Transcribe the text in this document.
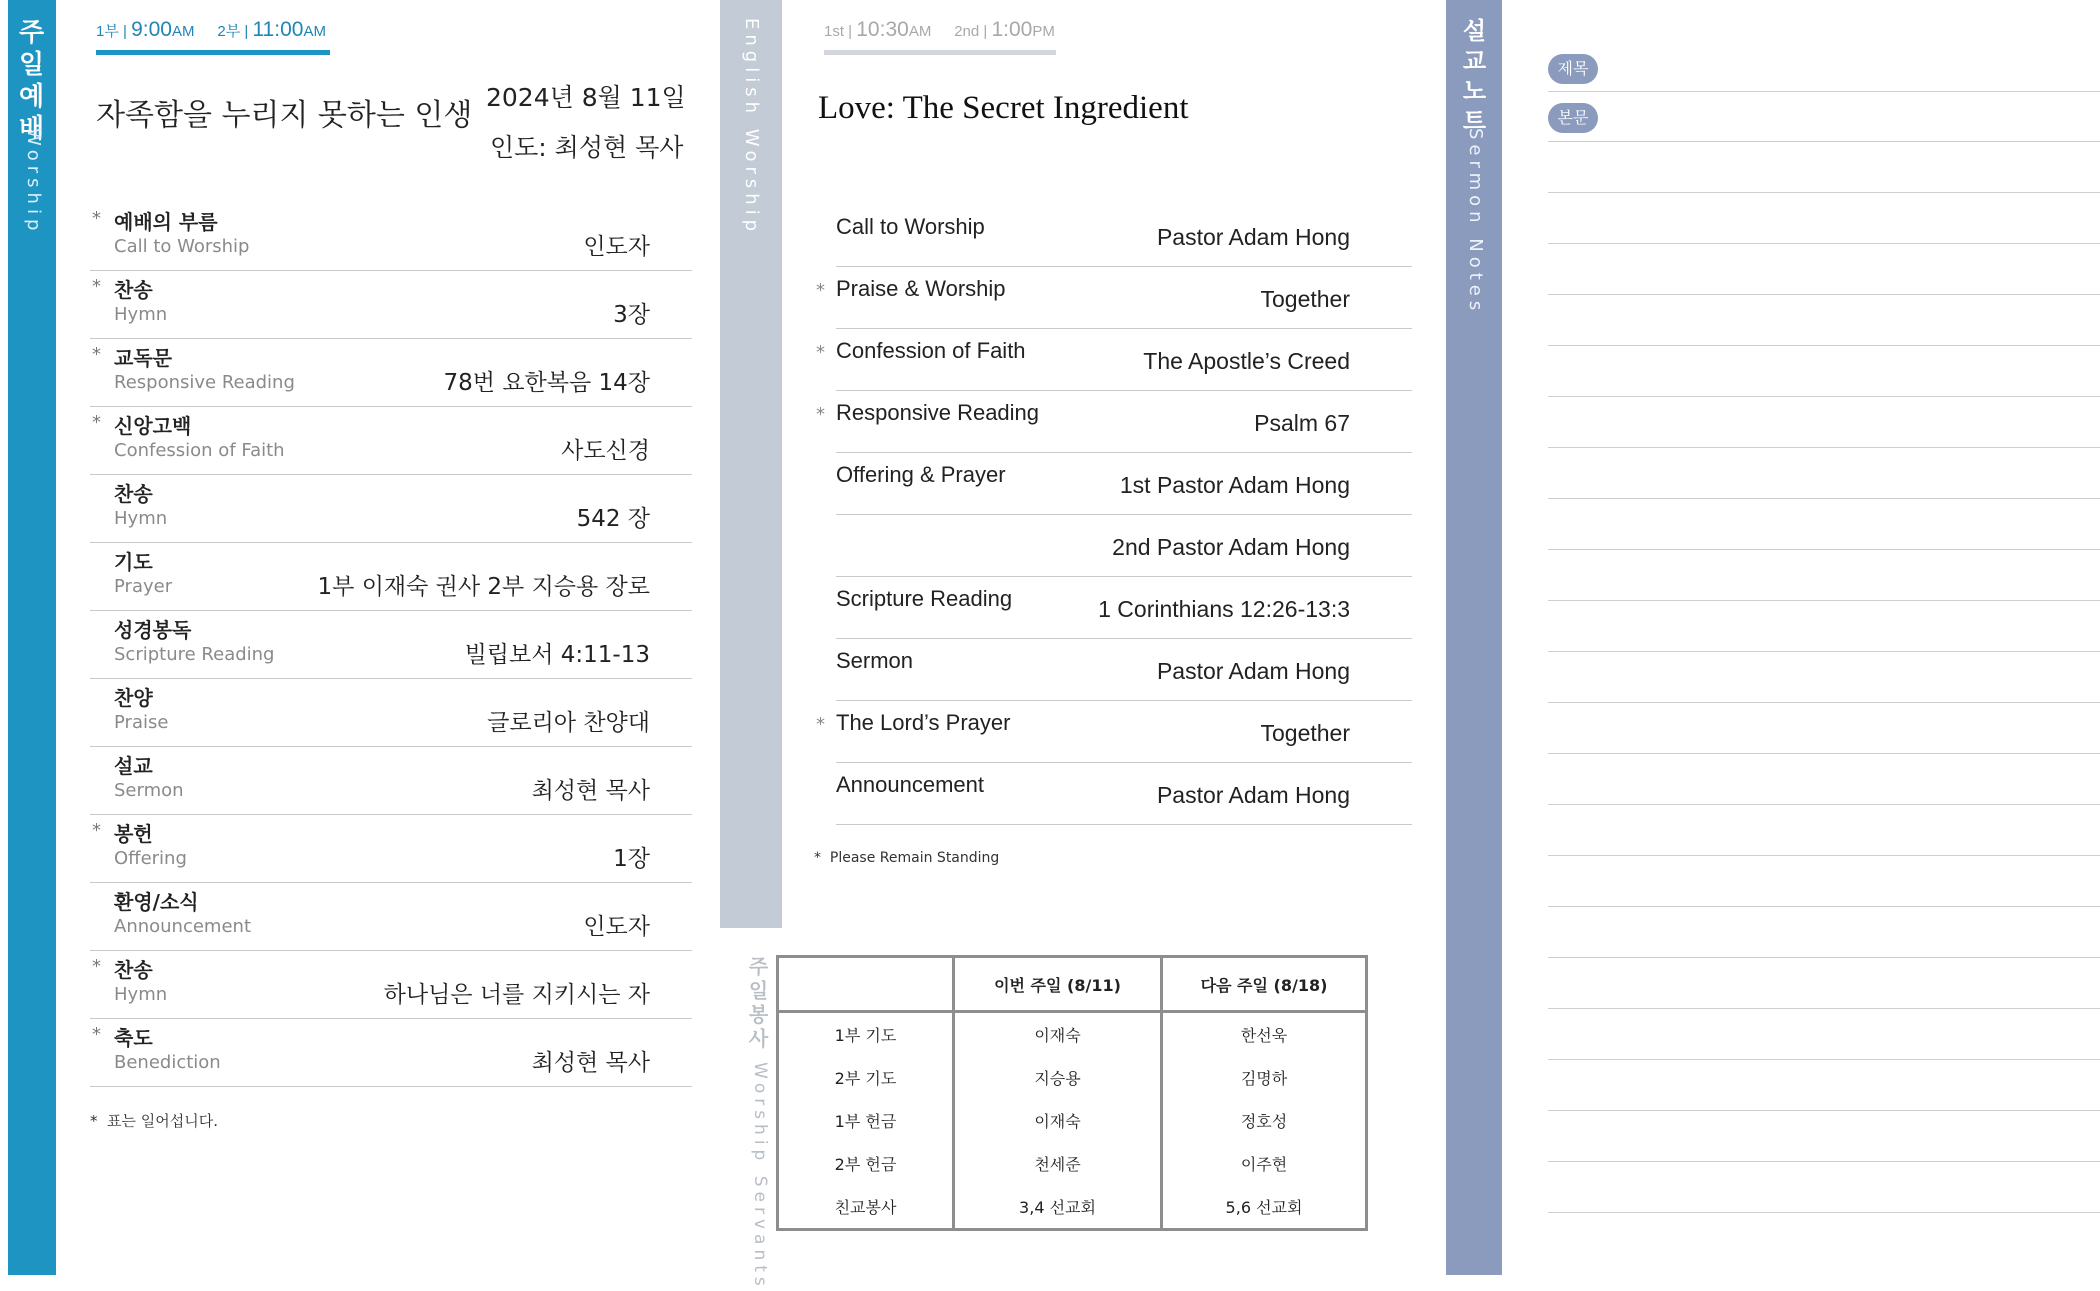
주일예배
Worship
1부 | 9:00AM 2부 | 11:00AM
자족함을 누리지 못하는 인생
2024년 8월 11일
인도: 최성현 목사
* 예배의 부름
Call to Worship	인도자
* 찬송
Hymn	3장
* 교독문
Responsive Reading	78번 요한복음 14장
* 신앙고백
Confession of Faith	사도신경
찬송
Hymn	542 장
기도
Prayer	1부 이재숙 권사 2부 지승용 장로
성경봉독
Scripture Reading	빌립보서 4:11-13
찬양
Praise	글로리아 찬양대
설교
Sermon	최성현 목사
* 봉헌
Offering	1장
환영/소식
Announcement	인도자
* 찬송
Hymn	하나님은 너를 지키시는 자
* 축도
Benediction	최성현 목사
* 표는 일어섭니다.
English Worship	1st | 10:30AM 2nd | 1:00PM
Love: The Secret Ingredient
Call to Worship	Pastor Adam Hong
* Praise & Worship	Together
* Confession of Faith	The Apostle’s Creed
* Responsive Reading	Psalm 67
Offering & Prayer	1st Pastor Adam Hong
2nd Pastor Adam Hong
Scripture Reading	1 Corinthians 12:26-13:3
Sermon	Pastor Adam Hong
* The Lord’s Prayer	Together
Announcement	Pastor Adam Hong
* Please Remain Standing
주일봉사
Worship Servants
	이번 주일 (8/11)	다음 주일 (8/18)
1부 기도	이재숙	한선욱
2부 기도	지승용	김명하
1부 헌금	이재숙	정호성
2부 헌금	천세준	이주현
친교봉사	3,4 선교회	5,6 선교회
설교노트
Sermon Notes
제목
본문
